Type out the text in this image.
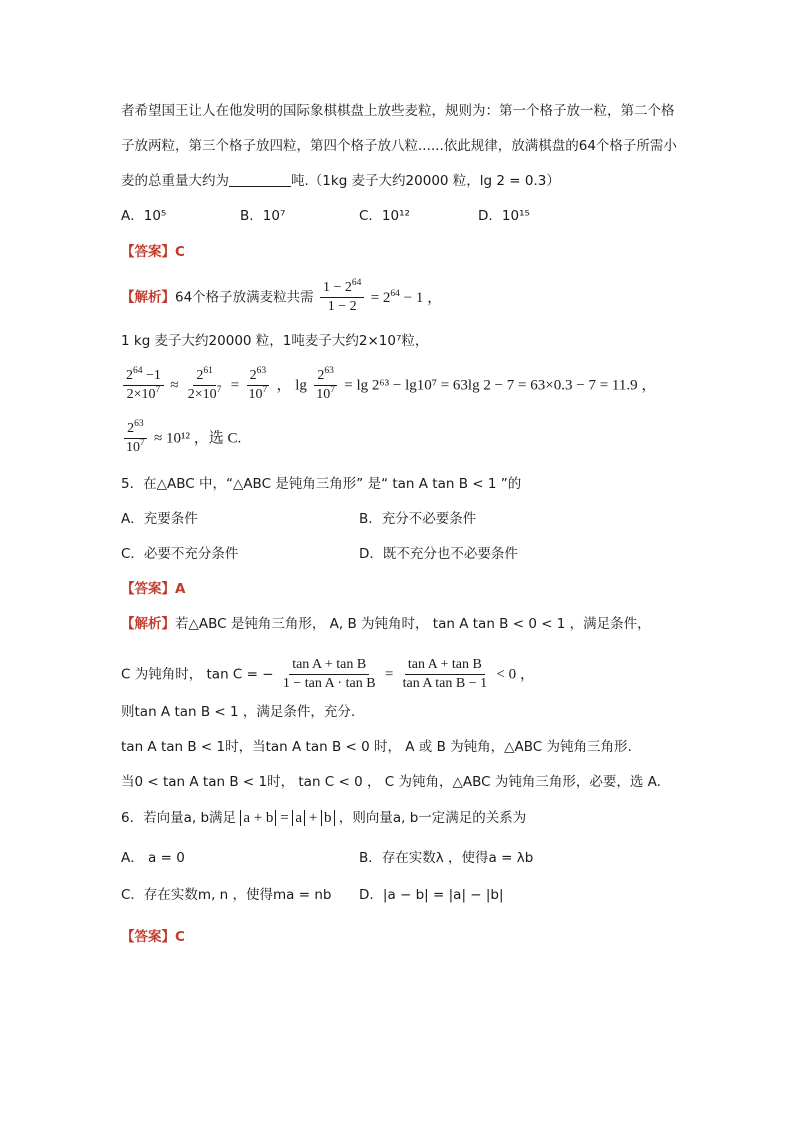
者希望国王让人在他发明的国际象棋棋盘上放些麦粒，规则为：第一个格子放一粒，第二个格
子放两粒，第三个格子放四粒，第四个格子放八粒......依此规律，放满棋盘的64个格子所需小
麦的总重量大约为	吨.（1kg 麦子大约20000 粒，lg 2 = 0.3）
A．10⁵	B．10⁷	C．10¹²	D．10¹⁵
【答案】C
【解析】64个格子放满麦粒共需 $\frac{1 - 2^{64}}{1 - 2} = 2^{64} - 1$ ，
1 kg 麦子大约20000 粒，1吨麦子大约2×10⁷粒，
$\frac{2^{64} -1}{2\times 10^7} \approx \frac{2^{61}}{2\times 10^7} = \frac{2^{63}}{10^7}$ ， $\lg \frac{2^{63}}{10^7} = \lg 2^{63} - \lg 10^7 = 63\lg$ 2 − 7 = 63×0.3 − 7 = 11.9 ，
$\frac{2^{63}}{10^7} \approx 10^{12}$ ，选 C.
5．在△ABC 中，“△ABC 是钝角三角形” 是“ tan A tan B < 1 ”的
A．充要条件	B．充分不必要条件
C．必要不充分条件	D．既不充分也不必要条件
【答案】A
【解析】若△ABC 是钝角三角形， A, B 为钝角时， tan A tan B < 0 < 1 ，满足条件，
C 为钝角时， tan C = − $\frac{\text{tan A + tan B}}{\text{1 − tan A · tan B}} = \frac{\text{tan A + tan B}}{\text{tan A tan B − 1}} < 0$ ，
则tan A tan B < 1 ，满足条件，充分.
tan A tan B < 1时，当tan A tan B < 0 时， A 或 B 为钝角，△ABC 为钝角三角形.
当0 < tan A tan B < 1时， tan C < 0 ， C 为钝角，△ABC 为钝角三角形，必要，选 A.
6．若向量a, b满足 a + b = a + b ，则向量a, b一定满足的关系为
A． a = 0	B．存在实数λ ，使得a = λb
C．存在实数m, n ，使得ma = nb D．|a − b| = |a| − |b|
【答案】C
